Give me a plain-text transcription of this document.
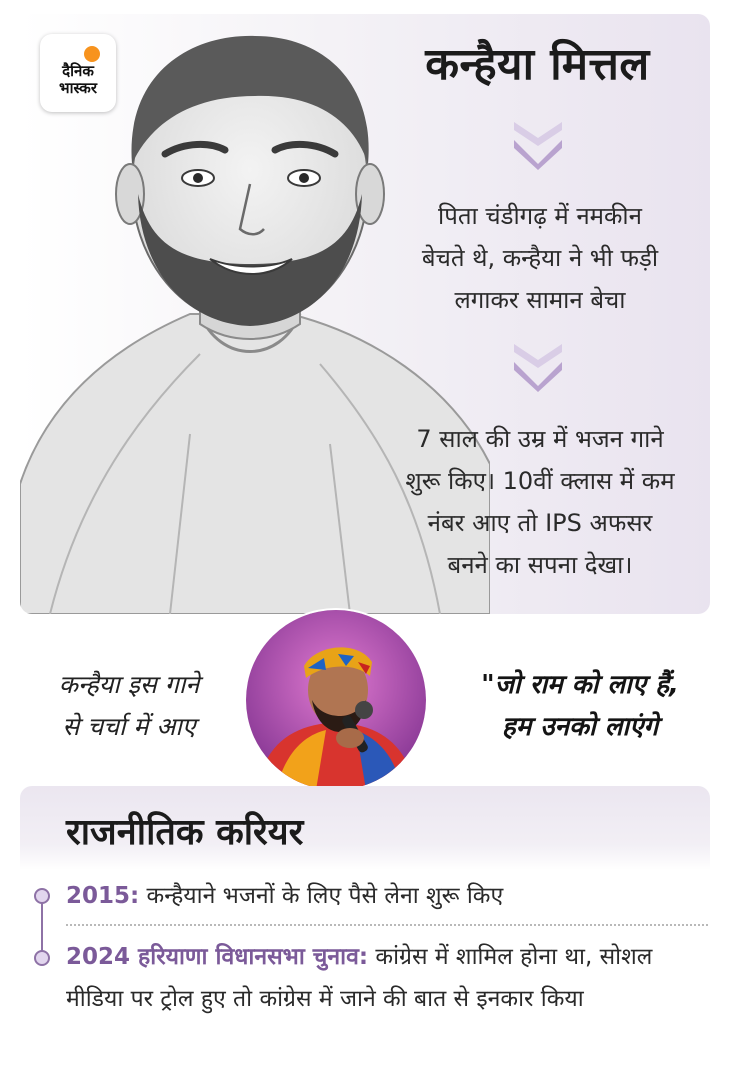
दैनिक
भास्कर	कन्हैया मित्तल
पिता चंडीगढ़ में नमकीन
बेचते थे, कन्हैया ने भी फड़ी
लगाकर सामान बेचा
7 साल की उम्र में भजन गाने
शुरू किए। 10वीं क्लास में कम
नंबर आए तो IPS अफसर
बनने का सपना देखा।
कन्हैया इस गाने
से चर्चा में आए
"जो राम को लाए हैं,
हम उनको लाएंगे
राजनीतिक करियर
2015: कन्हैयाने भजनों के लिए पैसे लेना शुरू किए
2024 हरियाणा विधानसभा चुनाव: कांग्रेस में शामिल होना था, सोशल मीडिया पर ट्रोल हुए तो कांग्रेस में जाने की बात से इनकार किया
